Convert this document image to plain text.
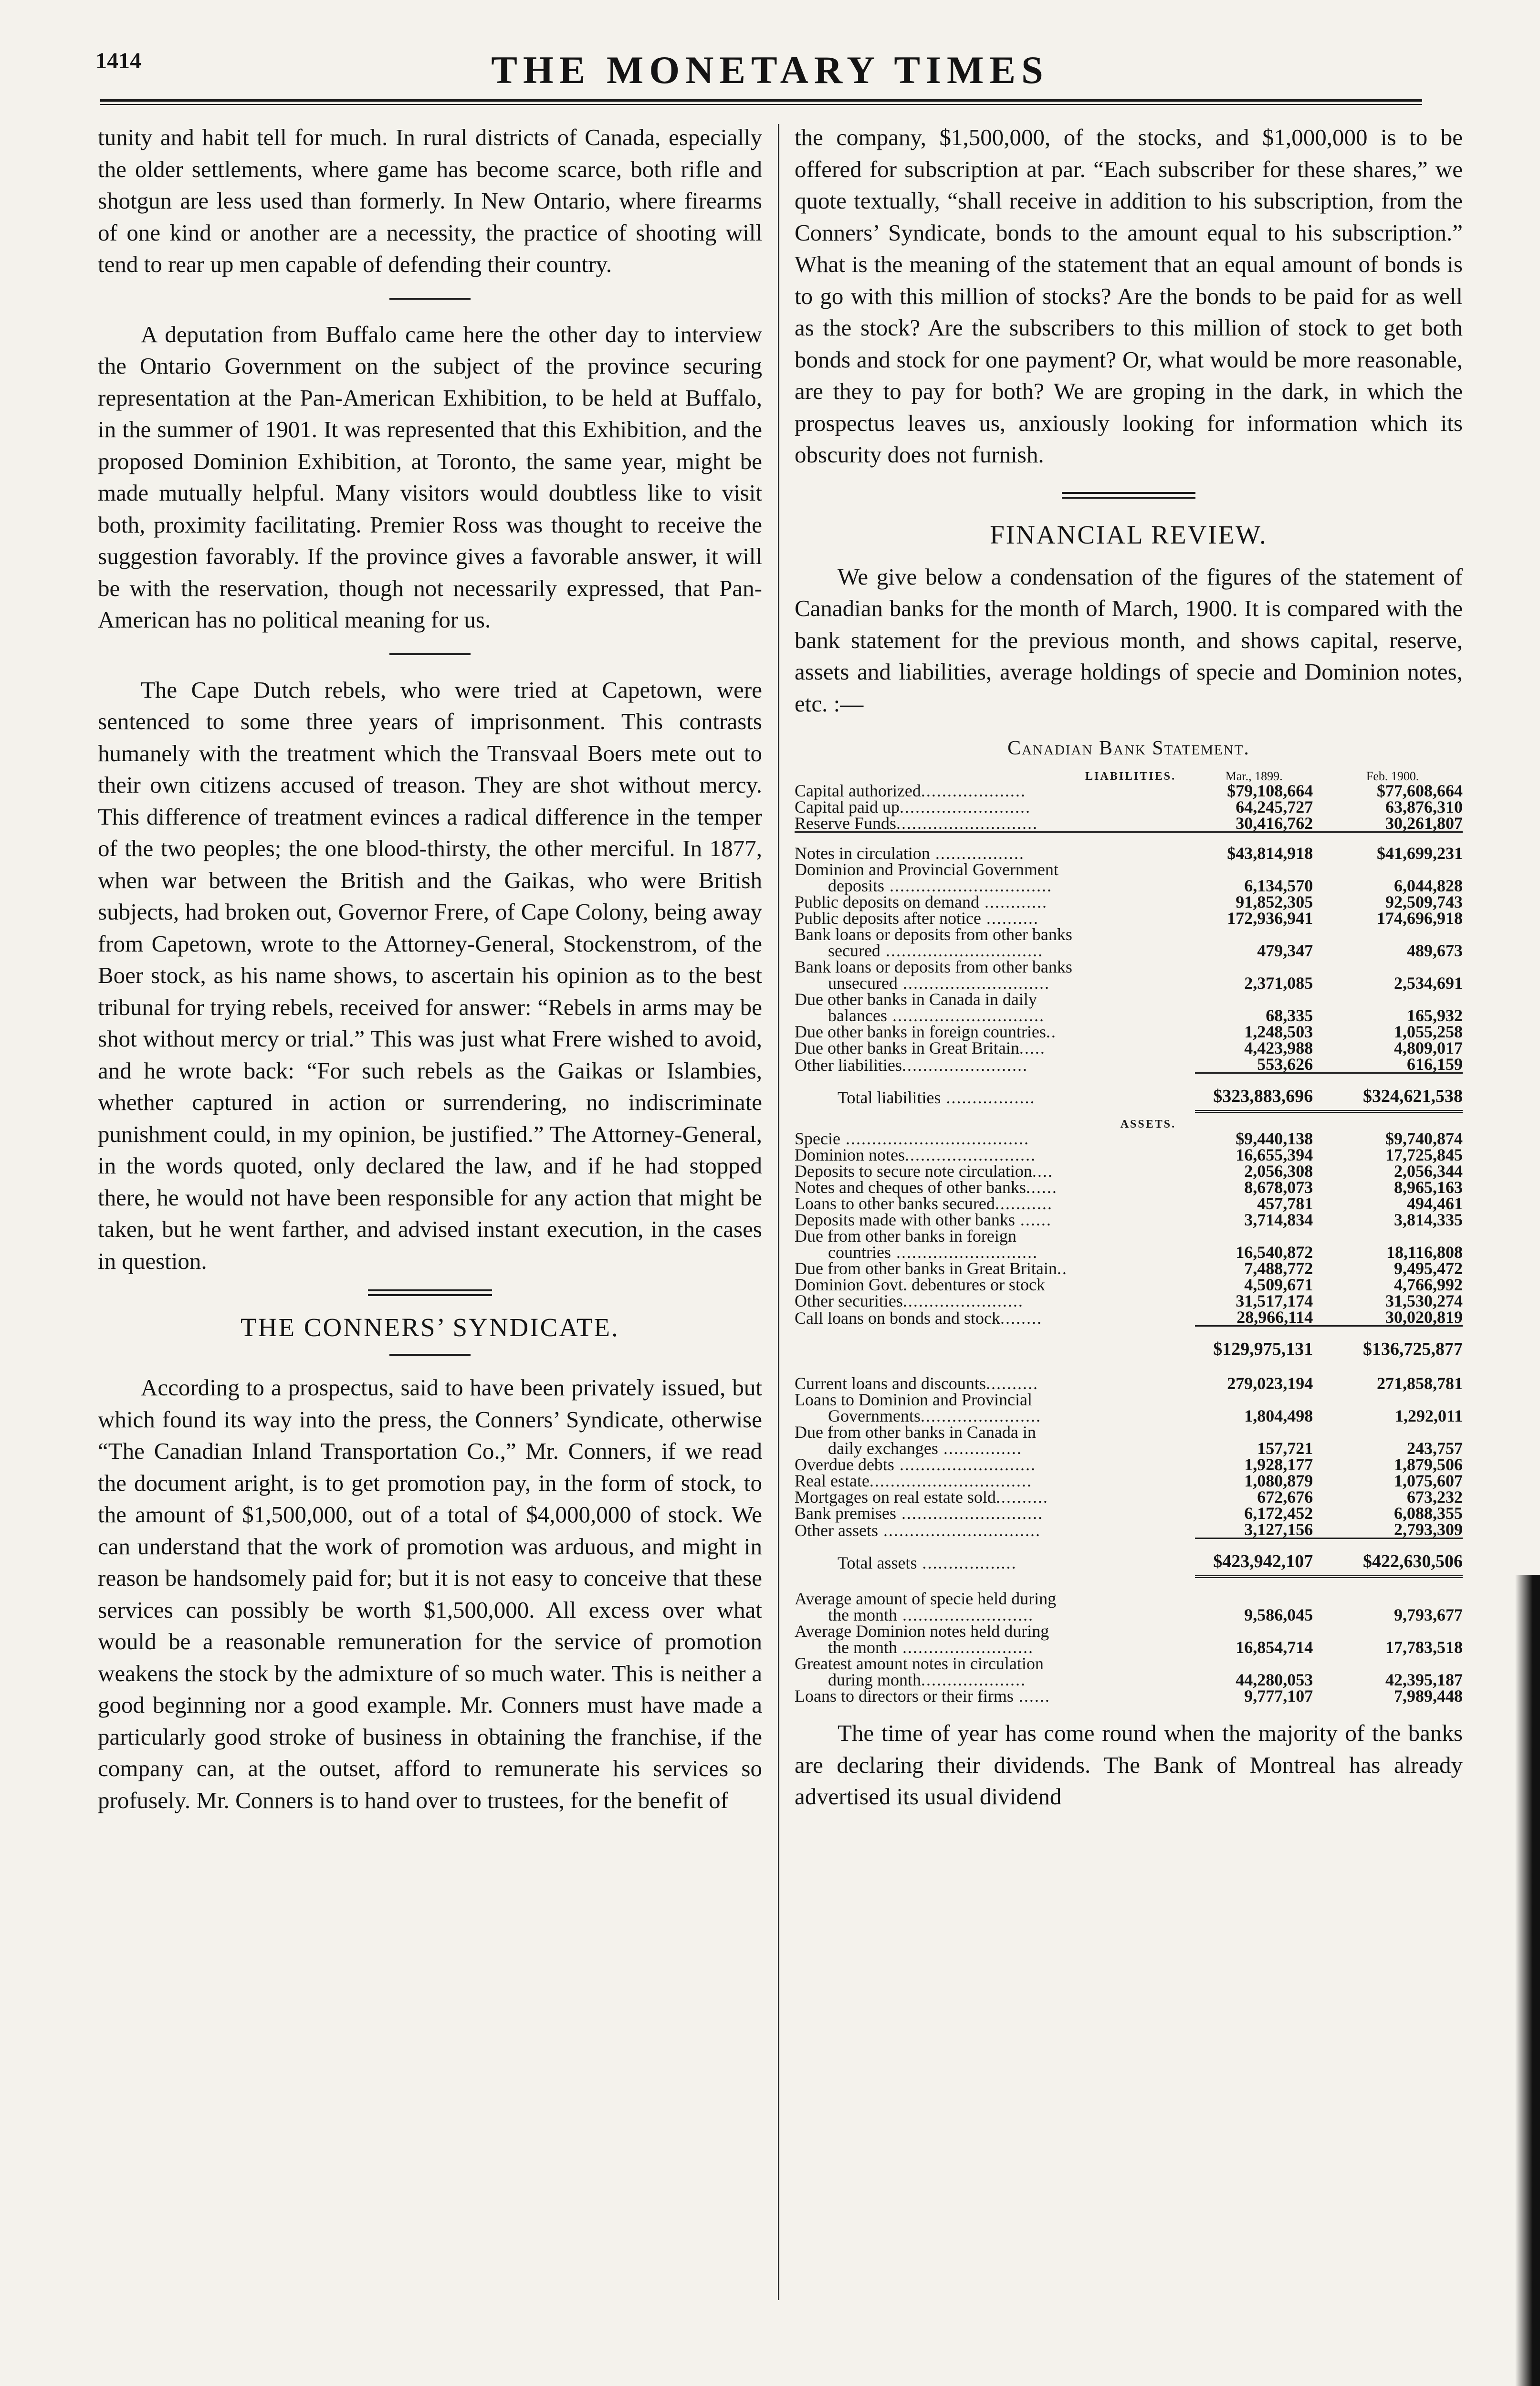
1414	THE MONETARY TIMES

tunity and habit tell for much. In rural districts of Canada, especially the older settlements, where game has become scarce, both rifle and shotgun are less used than formerly. In New Ontario, where firearms of one kind or another are a necessity, the practice of shooting will tend to rear up men capable of defending their country.

A deputation from Buffalo came here the other day to interview the Ontario Government on the subject of the province securing representation at the Pan-American Exhibition, to be held at Buffalo, in the summer of 1901. It was represented that this Exhibition, and the proposed Dominion Exhibition, at Toronto, the same year, might be made mutually helpful. Many visitors would doubtless like to visit both, proximity facilitating. Premier Ross was thought to receive the suggestion favorably. If the province gives a favorable answer, it will be with the reservation, though not necessarily expressed, that Pan-American has no political meaning for us.

The Cape Dutch rebels, who were tried at Capetown, were sentenced to some three years of imprisonment. This contrasts humanely with the treatment which the Transvaal Boers mete out to their own citizens accused of treason. They are shot without mercy. This difference of treatment evinces a radical difference in the temper of the two peoples; the one blood-thirsty, the other merciful. In 1877, when war between the British and the Gaikas, who were British subjects, had broken out, Governor Frere, of Cape Colony, being away from Capetown, wrote to the Attorney-General, Stockenstrom, of the Boer stock, as his name shows, to ascertain his opinion as to the best tribunal for trying rebels, received for answer: “Rebels in arms may be shot without mercy or trial.” This was just what Frere wished to avoid, and he wrote back: “For such rebels as the Gaikas or Islambies, whether captured in action or surrendering, no indiscriminate punishment could, in my opinion, be justified.” The Attorney-General, in the words quoted, only declared the law, and if he had stopped there, he would not have been responsible for any action that might be taken, but he went farther, and advised instant execution, in the cases in question.

THE CONNERS’ SYNDICATE.

According to a prospectus, said to have been privately issued, but which found its way into the press, the Conners’ Syndicate, otherwise “The Canadian Inland Transportation Co.,” Mr. Conners, if we read the document aright, is to get promotion pay, in the form of stock, to the amount of $1,500,000, out of a total of $4,000,000 of stock. We can understand that the work of promotion was arduous, and might in reason be handsomely paid for; but it is not easy to conceive that these services can possibly be worth $1,500,000. All excess over what would be a reasonable remuneration for the service of promotion weakens the stock by the admixture of so much water. This is neither a good beginning nor a good example. Mr. Conners must have made a particularly good stroke of business in obtaining the franchise, if the company can, at the outset, afford to remunerate his services so profusely. Mr. Conners is to hand over to trustees, for the benefit of

the company, $1,500,000, of the stocks, and $1,000,000 is to be offered for subscription at par. “Each subscriber for these shares,” we quote textually, “shall receive in addition to his subscription, from the Conners’ Syndicate, bonds to the amount equal to his subscription.” What is the meaning of the statement that an equal amount of bonds is to go with this million of stocks? Are the bonds to be paid for as well as the stock? Are the subscribers to this million of stock to get both bonds and stock for one payment? Or, what would be more reasonable, are they to pay for both? We are groping in the dark, in which the prospectus leaves us, anxiously looking for information which its obscurity does not furnish.

FINANCIAL REVIEW.

We give below a condensation of the figures of the statement of Canadian banks for the month of March, 1900. It is compared with the bank statement for the previous month, and shows capital, reserve, assets and liabilities, average holdings of specie and Dominion notes, etc. :—

Canadian Bank Statement.
LIABILITIES.	Mar., 1899.	Feb. 1900.
Capital authorized....................	$79,108,664	$77,608,664
Capital paid up.........................	64,245,727	63,876,310
Reserve Funds...........................	30,416,762	30,261,807

Notes in circulation .................	$43,814,918	$41,699,231
Dominion and Provincial Government		
deposits ...............................	6,134,570	6,044,828
Public deposits on demand ............	91,852,305	92,509,743
Public deposits after notice ..........	172,936,941	174,696,918
Bank loans or deposits from other banks		
secured ..............................	479,347	489,673
Bank loans or deposits from other banks		
unsecured ............................	2,371,085	2,534,691
Due other banks in Canada in daily		
balances .............................	68,335	165,932
Due other banks in foreign countries..	1,248,503	1,055,258
Due other banks in Great Britain.....	4,423,988	4,809,017
Other liabilities........................	553,626	616,159
Total liabilities .................	$323,883,696	$324,621,538
ASSETS.		
Specie ...................................	$9,440,138	$9,740,874
Dominion notes.........................	16,655,394	17,725,845
Deposits to secure note circulation....	2,056,308	2,056,344
Notes and cheques of other banks......	8,678,073	8,965,163
Loans to other banks secured...........	457,781	494,461
Deposits made with other banks ......	3,714,834	3,814,335
Due from other banks in foreign		
countries ...........................	16,540,872	18,116,808
Due from other banks in Great Britain..	7,488,772	9,495,472
Dominion Govt. debentures or stock	4,509,671	4,766,992
Other securities.......................	31,517,174	31,530,274
Call loans on bonds and stock........	28,966,114	30,020,819
	$129,975,131	$136,725,877

Current loans and discounts..........	279,023,194	271,858,781
Loans to Dominion and Provincial		
Governments.......................	1,804,498	1,292,011
Due from other banks in Canada in		
daily exchanges ...............	157,721	243,757
Overdue debts ..........................	1,928,177	1,879,506
Real estate...............................	1,080,879	1,075,607
Mortgages on real estate sold..........	672,676	673,232
Bank premises ...........................	6,172,452	6,088,355
Other assets ..............................	3,127,156	2,793,309
Total assets ..................	$423,942,107	$422,630,506

Average amount of specie held during		
the month .........................	9,586,045	9,793,677
Average Dominion notes held during		
the month .........................	16,854,714	17,783,518
Greatest amount notes in circulation		
during month....................	44,280,053	42,395,187
Loans to directors or their firms ......	9,777,107	7,989,448

The time of year has come round when the majority of the banks are declaring their dividends. The Bank of Montreal has already advertised its usual dividend
